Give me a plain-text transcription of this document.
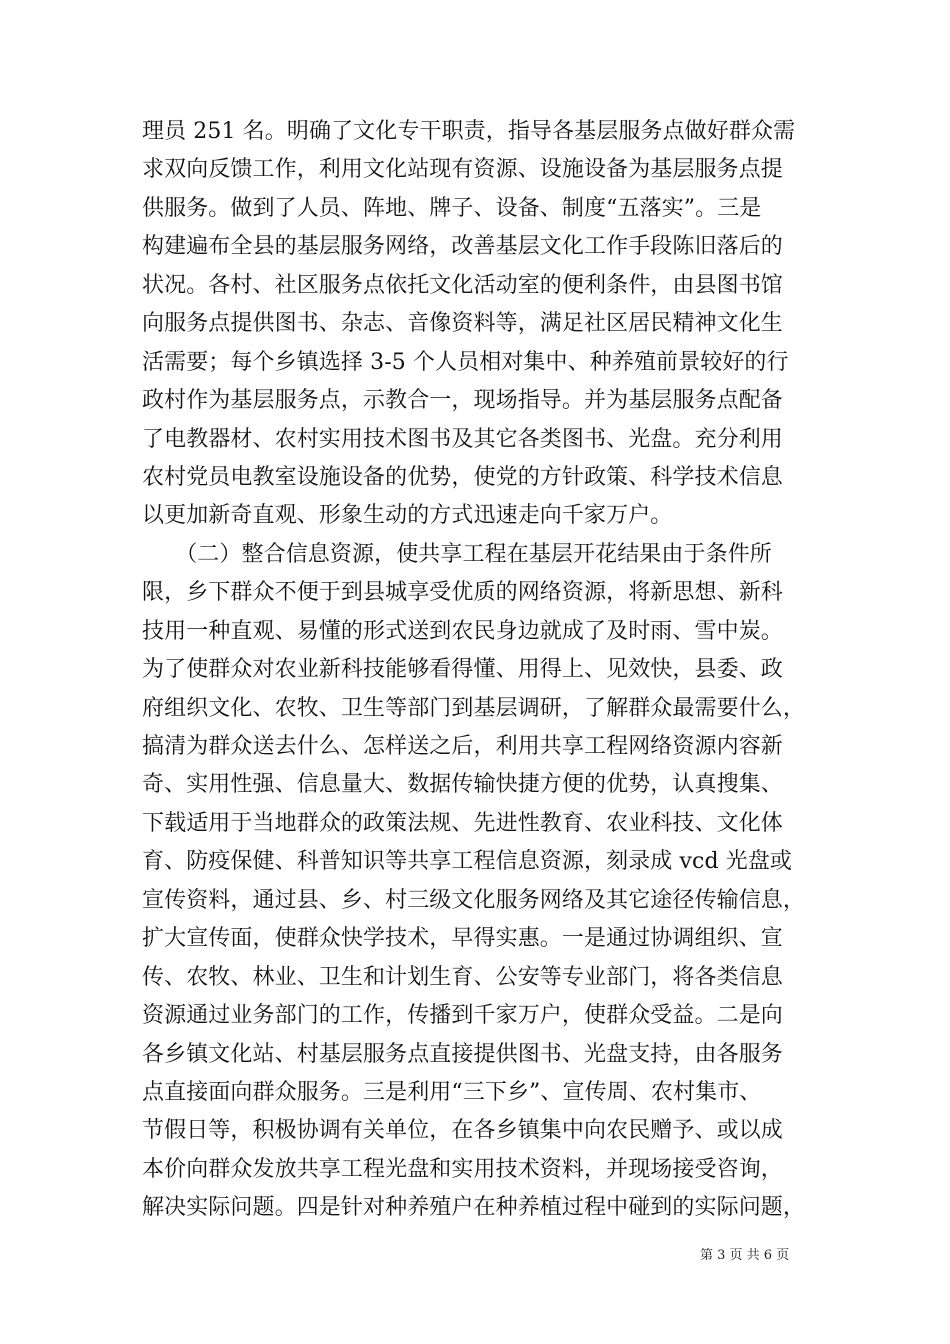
理员 251 名。明确了文化专干职责，指导各基层服务点做好群众需
求双向反馈工作，利用文化站现有资源、设施设备为基层服务点提
供服务。做到了人员、阵地、牌子、设备、制度“五落实”。三是
构建遍布全县的基层服务网络，改善基层文化工作手段陈旧落后的
状况。各村、社区服务点依托文化活动室的便利条件，由县图书馆
向服务点提供图书、杂志、音像资料等，满足社区居民精神文化生
活需要；每个乡镇选择 3-5 个人员相对集中、种养殖前景较好的行
政村作为基层服务点，示教合一，现场指导。并为基层服务点配备
了电教器材、农村实用技术图书及其它各类图书、光盘。充分利用
农村党员电教室设施设备的优势，使党的方针政策、科学技术信息
以更加新奇直观、形象生动的方式迅速走向千家万户。
　　（二）整合信息资源，使共享工程在基层开花结果由于条件所
限，乡下群众不便于到县城享受优质的网络资源，将新思想、新科
技用一种直观、易懂的形式送到农民身边就成了及时雨、雪中炭。
为了使群众对农业新科技能够看得懂、用得上、见效快，县委、政
府组织文化、农牧、卫生等部门到基层调研，了解群众最需要什么，
搞清为群众送去什么、怎样送之后，利用共享工程网络资源内容新
奇、实用性强、信息量大、数据传输快捷方便的优势，认真搜集、
下载适用于当地群众的政策法规、先进性教育、农业科技、文化体
育、防疫保健、科普知识等共享工程信息资源，刻录成 vcd 光盘或
宣传资料，通过县、乡、村三级文化服务网络及其它途径传输信息，
扩大宣传面，使群众快学技术，早得实惠。一是通过协调组织、宣
传、农牧、林业、卫生和计划生育、公安等专业部门，将各类信息
资源通过业务部门的工作，传播到千家万户，使群众受益。二是向
各乡镇文化站、村基层服务点直接提供图书、光盘支持，由各服务
点直接面向群众服务。三是利用“三下乡”、宣传周、农村集市、
节假日等，积极协调有关单位，在各乡镇集中向农民赠予、或以成
本价向群众发放共享工程光盘和实用技术资料，并现场接受咨询，
解决实际问题。四是针对种养殖户在种养植过程中碰到的实际问题，
第 3 页 共 6 页
